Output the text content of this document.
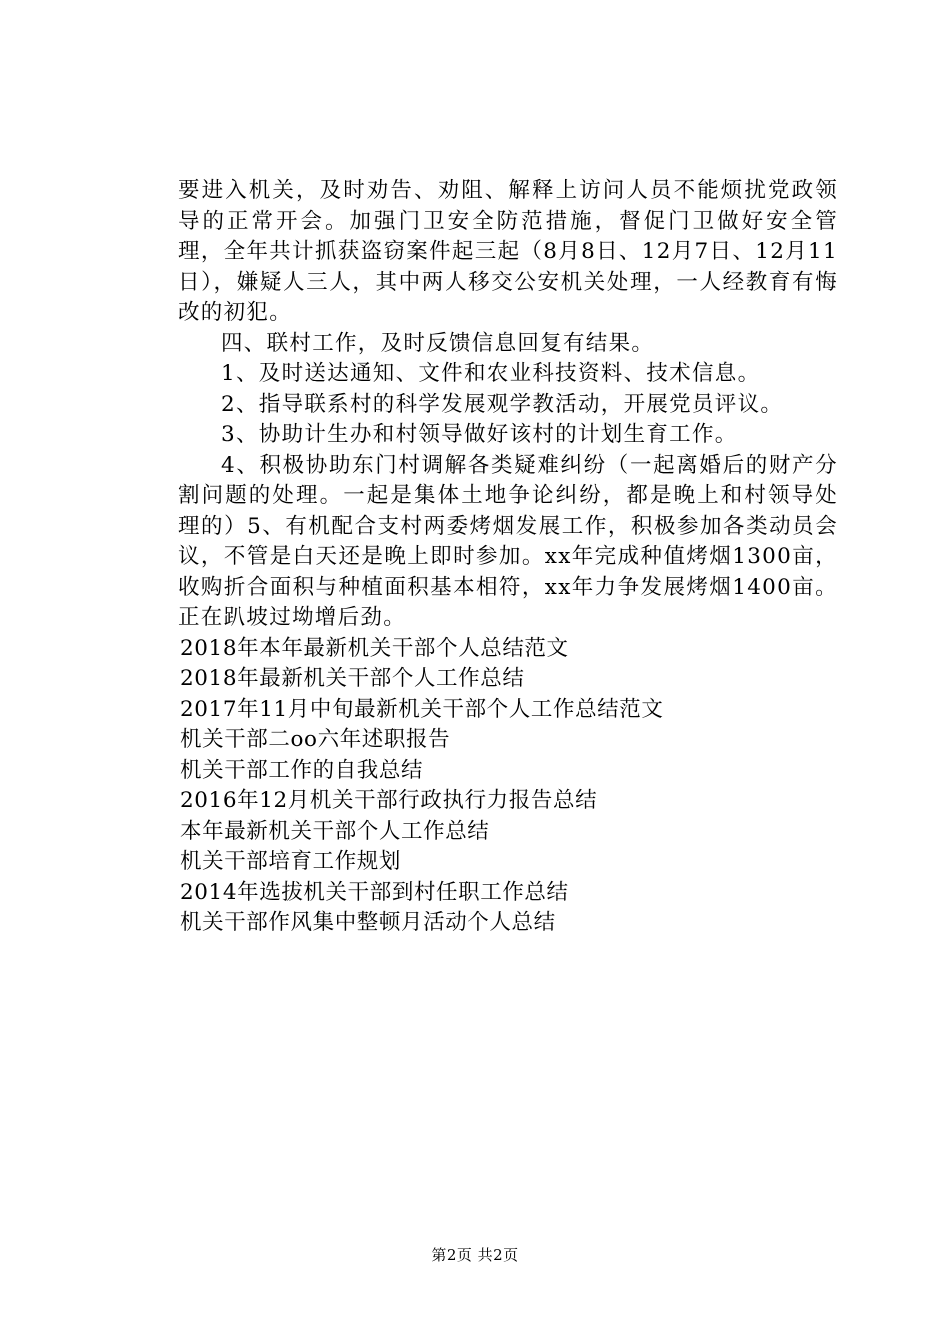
要进入机关，及时劝告、劝阻、解释上访问人员不能烦扰党政领导的正常开会。加强门卫安全防范措施，督促门卫做好安全管理，全年共计抓获盗窃案件起三起（8月8日、12月7日、12月11日），嫌疑人三人，其中两人移交公安机关处理，一人经教育有悔改的初犯。

四、联村工作，及时反馈信息回复有结果。

1、及时送达通知、文件和农业科技资料、技术信息。

2、指导联系村的科学发展观学教活动，开展党员评议。

3、协助计生办和村领导做好该村的计划生育工作。

4、积极协助东门村调解各类疑难纠纷（一起离婚后的财产分割问题的处理。一起是集体土地争论纠纷，都是晚上和村领导处理的）5、有机配合支村两委烤烟发展工作，积极参加各类动员会议，不管是白天还是晚上即时参加。xx年完成种值烤烟1300亩，收购折合面积与种植面积基本相符，xx年力争发展烤烟1400亩。正在趴坡过坳增后劲。

2018年本年最新机关干部个人总结范文
2018年最新机关干部个人工作总结
2017年11月中旬最新机关干部个人工作总结范文
机关干部二oo六年述职报告
机关干部工作的自我总结
2016年12月机关干部行政执行力报告总结
本年最新机关干部个人工作总结
机关干部培育工作规划
2014年选拔机关干部到村任职工作总结
机关干部作风集中整顿月活动个人总结
第2页 共2页
